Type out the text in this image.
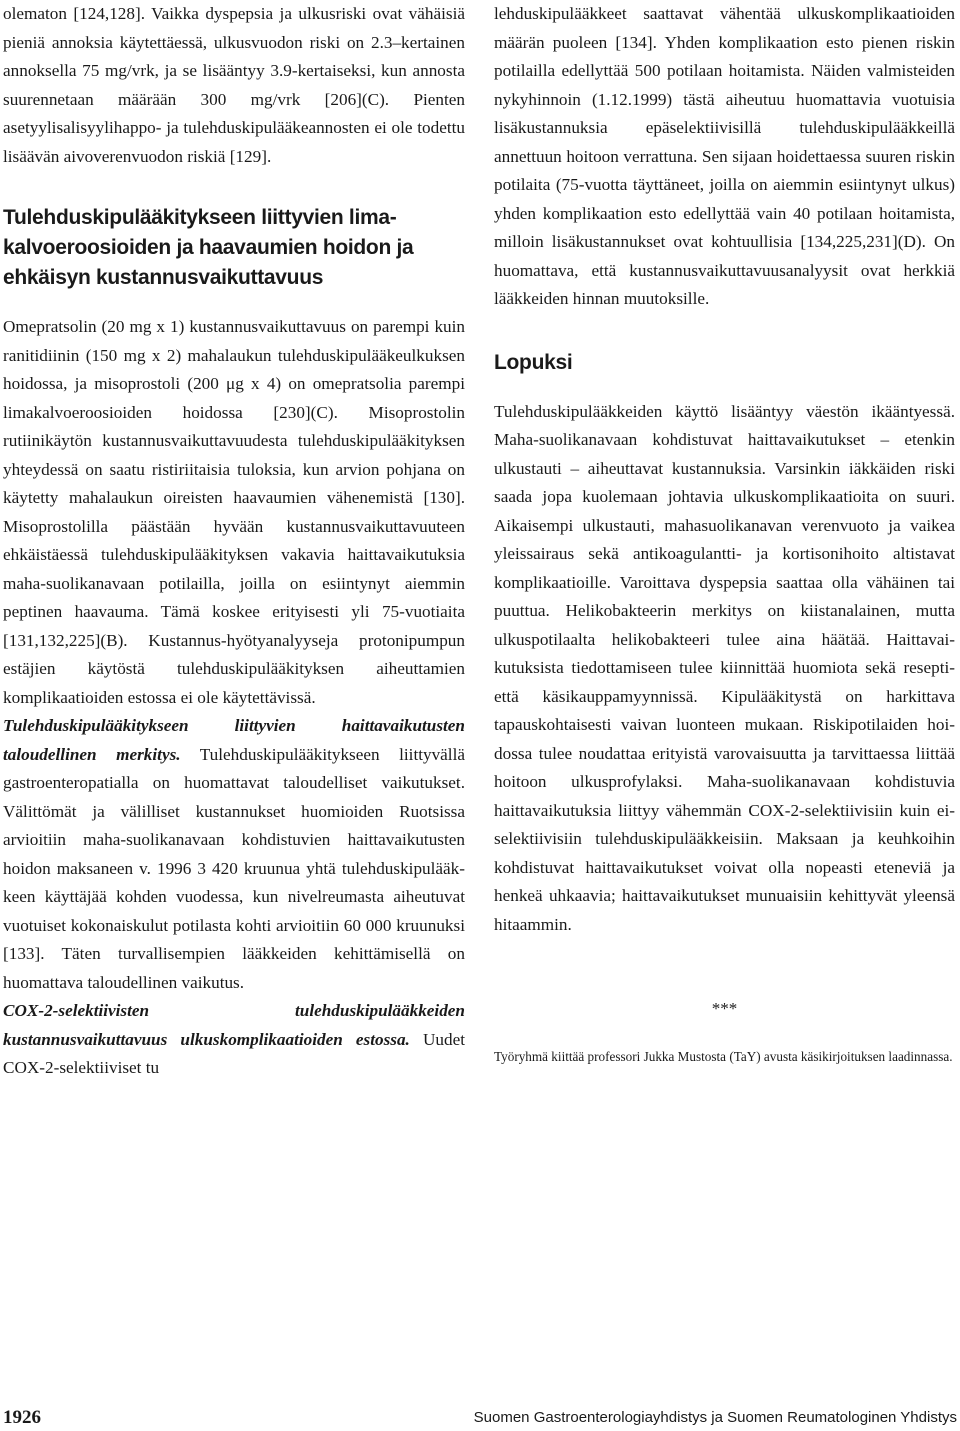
olematon [124,128]. Vaikka dyspepsia ja ulkusriski ovat vähäisiä pieniä annoksia käytettäessä, ulkusvuodon riski on 2.3–kertainen annoksella 75 mg/vrk, ja se lisääntyy 3.9-kertaiseksi, kun annosta suurennetaan määrään 300 mg/vrk [206](C). Pienten asetyylisalisyylihappo- ja tulehduskipulääkeannosten ei ole todettu lisäävän aivoverenvuodon riskiä [129].

Tulehduskipulääkitykseen liittyvien limakalvoeroosioiden ja haavaumien hoidon ja ehkäisyn kustannusvaikuttavuus

Omepratsolin (20 mg x 1) kustannusvaikuttavuus on parempi kuin ranitidiinin (150 mg x 2) mahalaukun tulehduskipulääkeulkuksen hoidossa, ja misoprostoli (200 μg x 4) on omepratsolia parempi limakalvoeroosioiden hoidossa [230](C). Misoprostolin rutiinikäytön kustannusvaikuttavuudesta tulehduskipulääkityksen yhteydessä on saatu ristiriitaisia tuloksia, kun arvion pohjana on käytetty mahalaukun oireisten haavaumien vähenemistä [130]. Misoprostolilla päästään hyvään kustannusvaikuttavuuteen ehkäistäessä tulehduskipulääkityksen vakavia haittavaikutuksia maha-suolikanavaan potilailla, joilla on esiintynyt aiemmin peptinen haavauma. Tämä koskee erityisesti yli 75-vuotiaita [131,132,225](B). Kustannus-hyötyanalyyseja protonipumpun estäjien käytöstä tulehduskipulääkityksen aiheuttamien komplikaatioiden estossa ei ole käytettävissä.

Tulehduskipulääkitykseen liittyvien haittavaikutusten taloudellinen merkitys. Tulehduskipulääkitykseen liittyvällä gastroenteropatialla on huomattavat taloudelliset vaikutukset. Välittömät ja välilliset kustannukset huomioiden Ruotsissa arvioitiin maha-suolikanavaan kohdistuvien haittavaikutusten hoidon maksaneen v. 1996 3 420 kruunua yhtä tulehduskipulääkkeen käyttäjää kohden vuodessa, kun nivelreumasta aiheutuvat vuotuiset kokonaiskulut potilasta kohti arvioitiin 60 000 kruunuksi [133]. Täten turvallisempien lääkkeiden kehittämisellä on huomattava taloudellinen vaikutus.

COX-2-selektiivisten tulehduskipulääkkeiden kustannusvaikuttavuus ulkuskomplikaatioiden estossa. Uudet COX-2-selektiiviset tu

lehduskipulääkkeet saattavat vähentää ulkuskomplikaatioiden määrän puoleen [134]. Yhden komplikaation esto pienen riskin potilailla edellyttää 500 potilaan hoitamista. Näiden valmisteiden nykyhinnoin (1.12.1999) tästä aiheutuu huomattavia vuotuisia lisäkustannuksia epäselektiivisillä tulehduskipulääkkeillä annettuun hoitoon verrattuna. Sen sijaan hoidettaessa suuren riskin potilaita (75-vuotta täyttäneet, joilla on aiemmin esiintynyt ulkus) yhden komplikaation esto edellyttää vain 40 potilaan hoitamista, milloin lisäkustannukset ovat kohtuullisia [134,225,231](D). On huomattava, että kustannusvaikuttavuusanalyysit ovat herkkiä lääkkeiden hinnan muutoksille.

Lopuksi

Tulehduskipulääkkeiden käyttö lisääntyy väestön ikääntyessä. Maha-suolikanavaan kohdistuvat haittavaikutukset – etenkin ulkustauti – aiheuttavat kustannuksia. Varsinkin iäkkäiden riski saada jopa kuolemaan johtavia ulkuskomplikaatioita on suuri. Aikaisempi ulkustauti, mahasuolikanavan verenvuoto ja vaikea yleissairaus sekä antikoagulantti- ja kortisonihoito altistavat komplikaatioille. Varoittava dyspepsia saattaa olla vähäinen tai puuttua. Helikobakteerin merkitys on kiistanalainen, mutta ulkuspotilaalta helikobakteeri tulee aina häätää. Haittavaikutuksista tiedottamiseen tulee kiinnittää huomiota sekä resepti- että käsikauppamyynnissä. Kipulääkitystä on harkittava tapauskohtaisesti vaivan luonteen mukaan. Riskipotilaiden hoidossa tulee noudattaa erityistä varovaisuutta ja tarvittaessa liittää hoitoon ulkusprofylaksi. Maha-suolikanavaan kohdistuvia haittavaikutuksia liittyy vähemmän COX-2-selektiivisiin kuin ei-selektiivisiin tulehduskipulääkkeisiin. Maksaan ja keuhkoihin kohdistuvat haittavaikutukset voivat olla nopeasti eteneviä ja henkeä uhkaavia; haittavaikutukset munuaisiin kehittyvät yleensä hitaammin.

***

Työryhmä kiittää professori Jukka Mustosta (TaY) avusta käsikirjoituksen laadinnassa.

1926	Suomen Gastroenterologiayhdistys ja Suomen Reumatologinen Yhdistys
